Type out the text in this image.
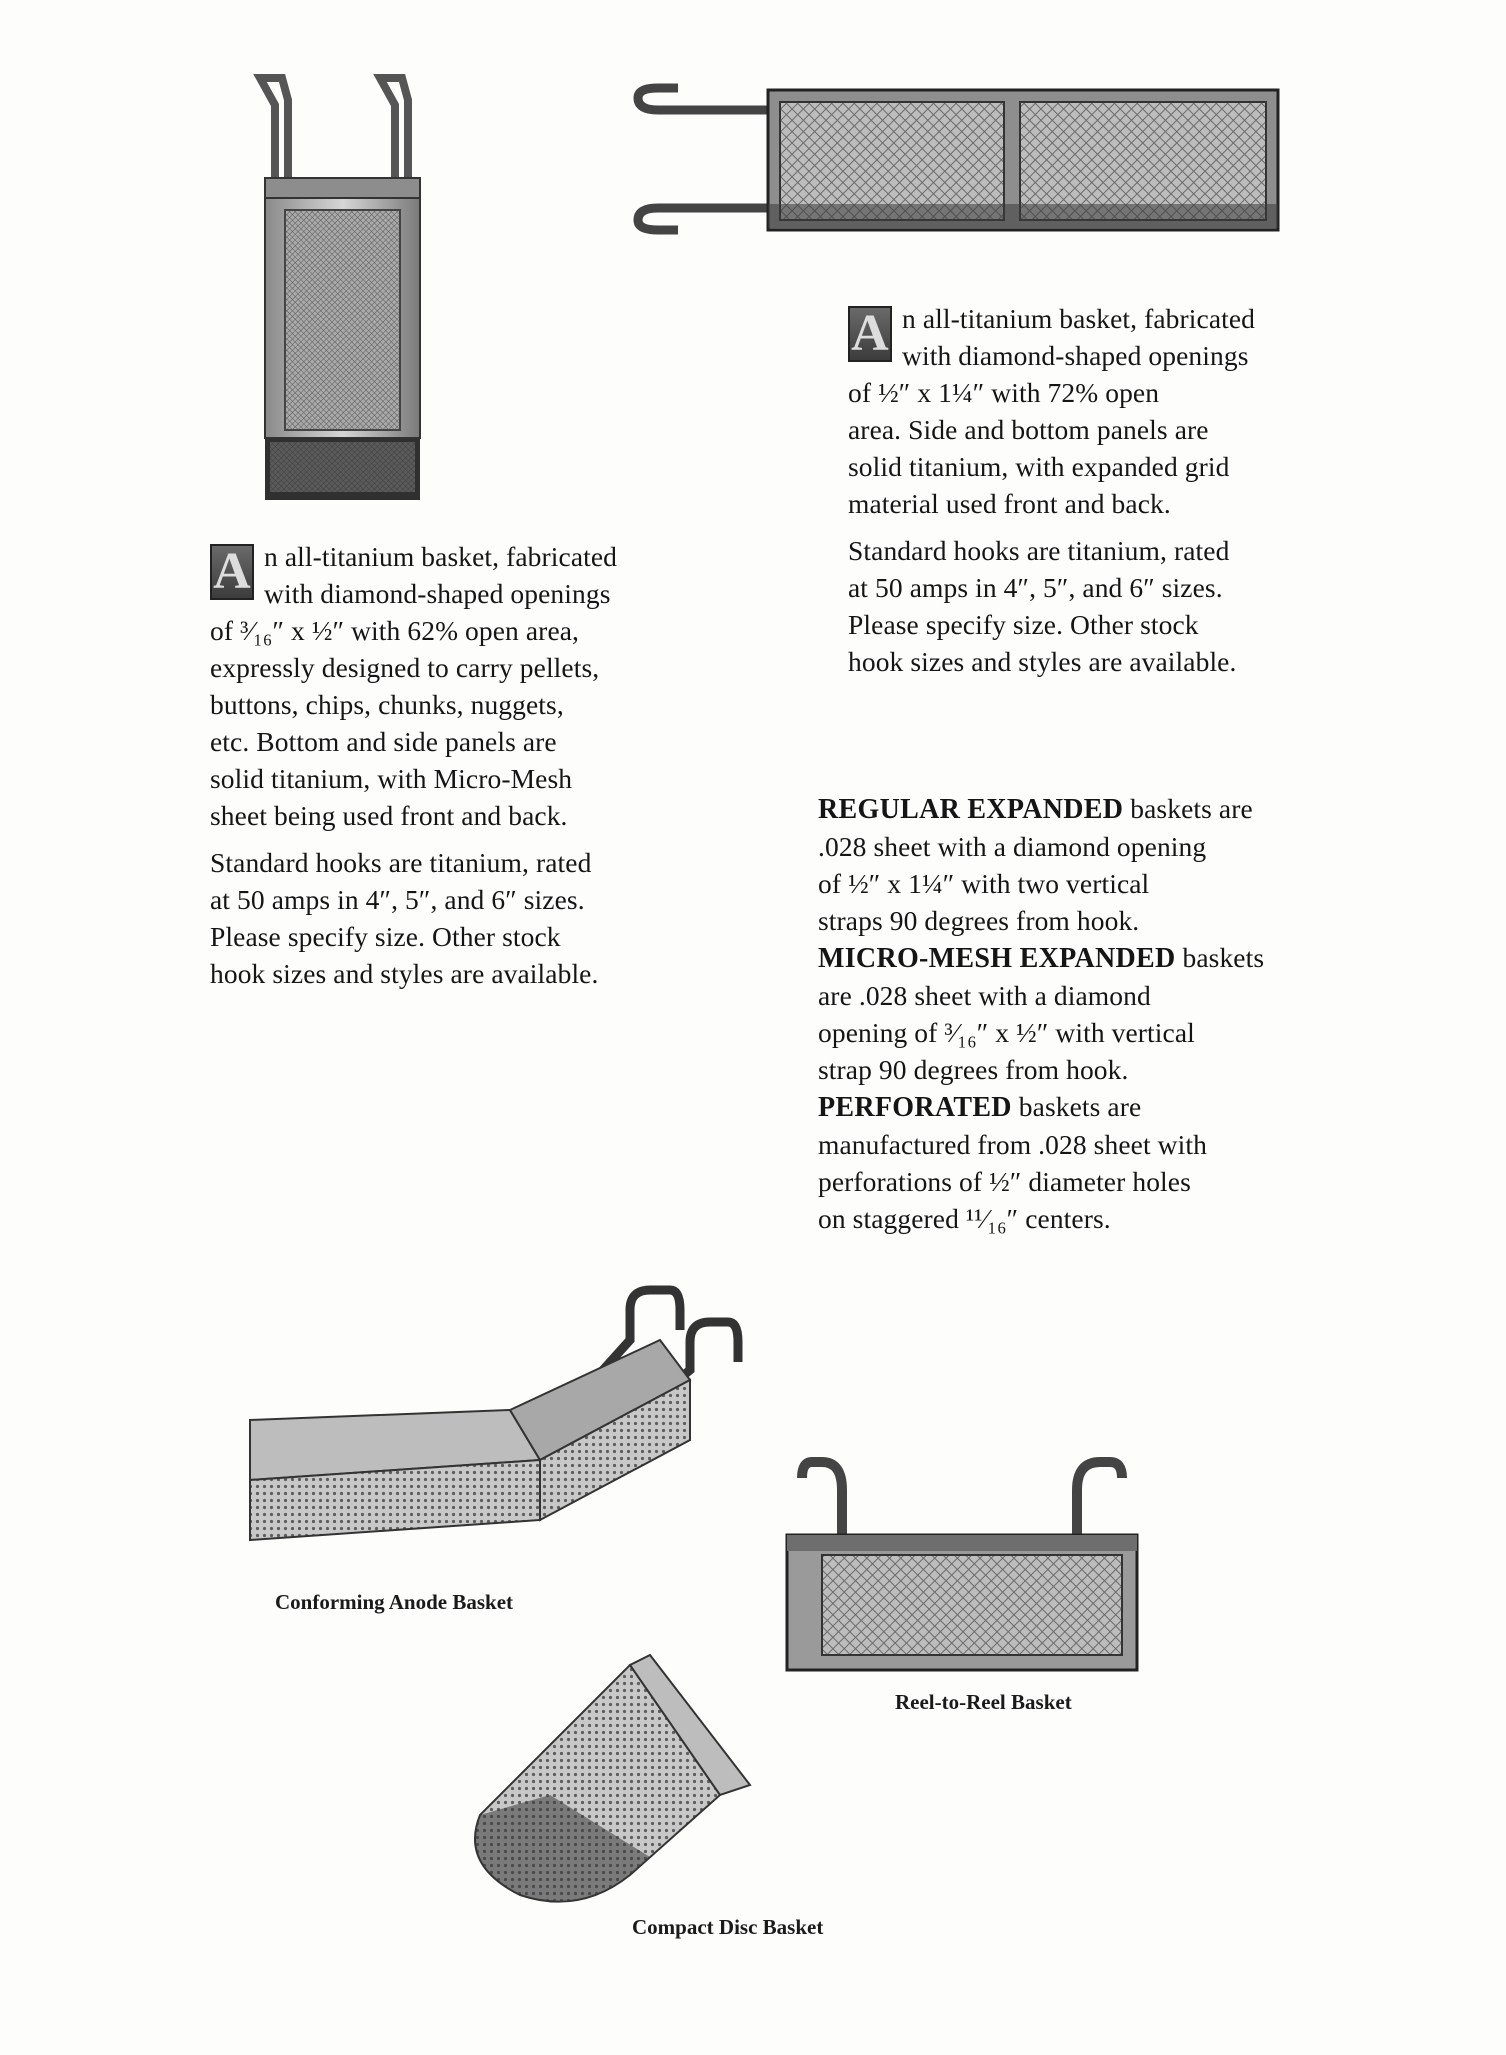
A n all-titanium basket, fabricated
with diamond-shaped openings
of ³⁄₁₆″ x ½″ with 62% open area,
expressly designed to carry pellets,
buttons, chips, chunks, nuggets,
etc. Bottom and side panels are
solid titanium, with Micro-Mesh
sheet being used front and back.

Standard hooks are titanium, rated
at 50 amps in 4″, 5″, and 6″ sizes.
Please specify size. Other stock
hook sizes and styles are available.

A n all-titanium basket, fabricated
with diamond-shaped openings
of ½″ x 1¼″ with 72% open
area. Side and bottom panels are
solid titanium, with expanded grid
material used front and back.

Standard hooks are titanium, rated
at 50 amps in 4″, 5″, and 6″ sizes.
Please specify size. Other stock
hook sizes and styles are available.

REGULAR EXPANDED baskets are
.028 sheet with a diamond opening
of ½″ x 1¼″ with two vertical
straps 90 degrees from hook.
MICRO-MESH EXPANDED baskets
are .028 sheet with a diamond
opening of ³⁄₁₆″ x ½″ with vertical
strap 90 degrees from hook.
PERFORATED baskets are
manufactured from .028 sheet with
perforations of ½″ diameter holes
on staggered ¹¹⁄₁₆″ centers.
Conforming Anode Basket
Reel-to-Reel Basket
Compact Disc Basket
